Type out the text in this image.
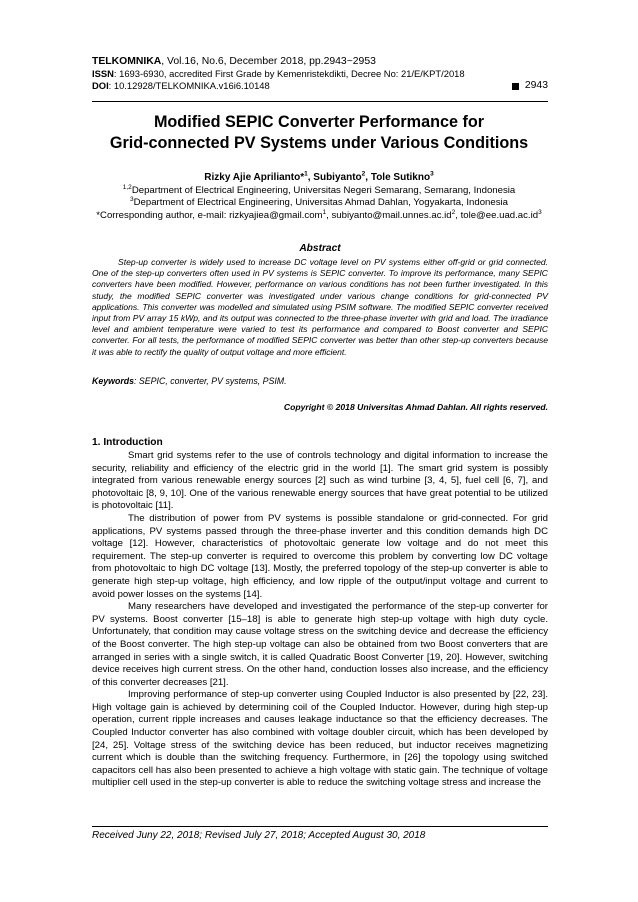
TELKOMNIKA, Vol.16, No.6, December 2018, pp.2943~2953
ISSN: 1693-6930, accredited First Grade by Kemenristekdikti, Decree No: 21/E/KPT/2018
DOI: 10.12928/TELKOMNIKA.v16i6.10148	2943
Modified SEPIC Converter Performance for
Grid-connected PV Systems under Various Conditions
Rizky Ajie Aprilianto*$^1$, Subiyanto$^2$, Tole Sutikno$^3$
$^{1,2}$Department of Electrical Engineering, Universitas Negeri Semarang, Semarang, Indonesia
$^3$Department of Electrical Engineering, Universitas Ahmad Dahlan, Yogyakarta, Indonesia
*Corresponding author, e-mail: rizkyajiea@gmail.com$^1$, $subiyanto@mail.unnes.ac.id^2$, $tole@ee.uad.ac.id^3$
Abstract
Step-up converter is widely used to increase DC voltage level on PV systems either off-grid or grid connected. One of the step-up converters often used in PV systems is SEPIC converter. To improve its performance, many SEPIC converters have been modified. However, performance on various conditions has not been further investigated. In this study, the modified SEPIC converter was investigated under various change conditions for grid-connected PV applications. This converter was modelled and simulated using PSIM software. The modified SEPIC converter received input from PV array 15 kWp, and its output was connected to the three-phase inverter with grid and load. The irradiance level and ambient temperature were varied to test its performance and compared to Boost converter and SEPIC converter. For all tests, the performance of modified SEPIC converter was better than other step-up converters because it was able to rectify the quality of output voltage and more efficient.
Keywords: SEPIC, converter, PV systems, PSIM.
Copyright © 2018 Universitas Ahmad Dahlan. All rights reserved.
1. Introduction

Smart grid systems refer to the use of controls technology and digital information to increase the security, reliability and efficiency of the electric grid in the world [1]. The smart grid system is possibly integrated from various renewable energy sources [2] such as wind turbine [3, 4, 5], fuel cell [6, 7], and photovoltaic [8, 9, 10]. One of the various renewable energy sources that have great potential to be utilized is photovoltaic [11].

The distribution of power from PV systems is possible standalone or grid-connected. For grid applications, PV systems passed through the three-phase inverter and this condition demands high DC voltage [12]. However, characteristics of photovoltaic generate low voltage and do not meet this requirement. The step-up converter is required to overcome this problem by converting low DC voltage from photovoltaic to high DC voltage [13]. Mostly, the preferred topology of the step-up converter is able to generate high step-up voltage, high efficiency, and low ripple of the output/input voltage and current to avoid power losses on the systems [14].

Many researchers have developed and investigated the performance of the step-up converter for PV systems. Boost converter [15–18] is able to generate high step-up voltage with high duty cycle. Unfortunately, that condition may cause voltage stress on the switching device and decrease the efficiency of the Boost converter. The high step-up voltage can also be obtained from two Boost converters that are arranged in series with a single switch, it is called Quadratic Boost Converter [19, 20]. However, switching device receives high current stress. On the other hand, conduction losses also increase, and the efficiency of this converter decreases [21].

Improving performance of step-up converter using Coupled Inductor is also presented by [22, 23]. High voltage gain is achieved by determining coil of the Coupled Inductor. However, during high step-up operation, current ripple increases and causes leakage inductance so that the efficiency decreases. The Coupled Inductor converter has also combined with voltage doubler circuit, which has been developed by [24, 25]. Voltage stress of the switching device has been reduced, but inductor receives magnetizing current which is double than the switching frequency. Furthermore, in [26] the topology using switched capacitors cell has also been presented to achieve a high voltage with static gain. The technique of voltage multiplier cell used in the step-up converter is able to reduce the switching voltage stress and increase the

Received Juny 22, 2018; Revised July 27, 2018; Accepted August 30, 2018
